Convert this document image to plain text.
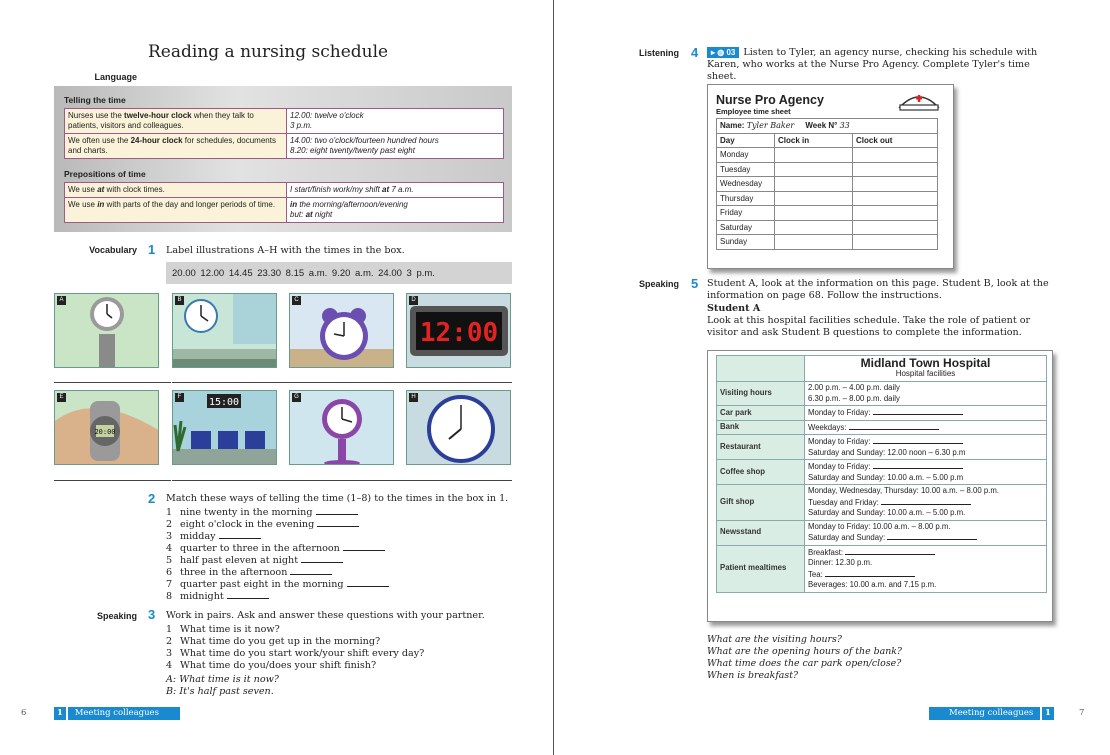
Reading a nursing schedule
Language
Telling the time
Nurses use the twelve-hour clock when they talk to patients, visitors and colleagues.	12.00: twelve o'clock
3 p.m.

We often use the 24-hour clock for schedules, documents and charts.	14.00: two o'clock/fourteen hundred hours
8.20: eight twenty/twenty past eight
Prepositions of time
We use at with clock times.	I start/finish work/my shift at 7 a.m.
We use in with parts of the day and longer periods of time.	in the morning/afternoon/evening
but: at night
Vocabulary 1 Label illustrations A–H with the times in the box.
20.00 12.00 14.45 23.30 8.15 a.m. 9.20 a.m. 24.00 3 p.m.
A	B	C	D
12:00
E
20:00
F	15:00	G	H
2 Match these ways of telling the time (1–8) to the times in the box in 1.
1 nine twenty in the morning
2 eight o'clock in the evening
3 midday
4 quarter to three in the afternoon
5 half past eleven at night
6 three in the afternoon
7 quarter past eight in the morning
8 midnight
Speaking 3 Work in pairs. Ask and answer these questions with your partner.
1 What time is it now?
2 What time do you get up in the morning?
3 What time do you start work/your shift every day?
4 What time do you/does your shift finish?
A: What time is it now?
B: It's half past seven.
6	1 Meeting colleagues
Listening 4	▸ ◍ 03 Listen to Tyler, an agency nurse, checking his schedule with Karen, who works at the Nurse Pro Agency. Complete Tyler's time sheet.
Nurse Pro Agency
Employee time sheet
Name: Tyler Baker Week N° 33		
Day	Clock in	Clock out
Monday		
Tuesday		
Wednesday		
Thursday		
Friday		
Saturday		
Sunday		
Speaking 5 Student A, look at the information on this page. Student B, look at the information on page 68. Follow the instructions.
Student A
Look at this hospital facilities schedule. Take the role of patient or visitor and ask Student B questions to complete the information.

	Midland Town Hospital
Hospital facilities

Visiting hours	2.00 p.m. – 4.00 p.m. daily
6.30 p.m. – 8.00 p.m. daily

Car park	Monday to Friday:

Bank	Weekdays:

Restaurant	Monday to Friday:
Saturday and Sunday: 12.00 noon – 6.30 p.m

Coffee shop	Monday to Friday:
Saturday and Sunday: 10.00 a.m. – 5.00 p.m

Gift shop	Monday, Wednesday, Thursday: 10.00 a.m. – 8.00 p.m.
Tuesday and Friday:
Saturday and Sunday: 10.00 a.m. – 5.00 p.m.

Newsstand	Monday to Friday: 10.00 a.m. – 8.00 p.m.
Saturday and Sunday:

Patient mealtimes	Breakfast:
Dinner: 12.30 p.m.
Tea:
Beverages: 10.00 a.m. and 7.15 p.m.
What are the visiting hours?
What are the opening hours of the bank?
What time does the car park open/close?
When is breakfast?
Meeting colleagues 1	7
